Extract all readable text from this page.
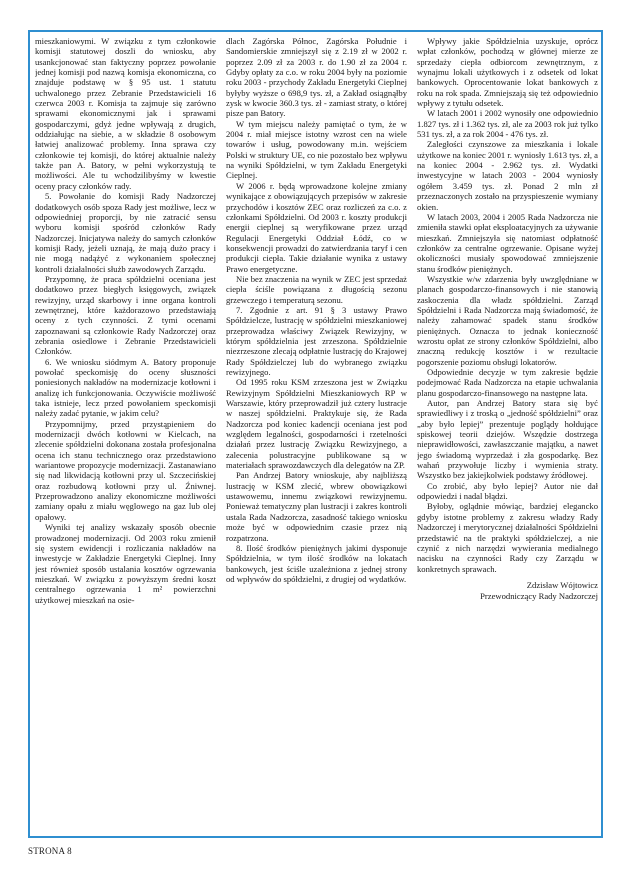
mieszkaniowymi. W związku z tym członkowie komisji statutowej doszli do wniosku, aby usankcjonować stan faktyczny poprzez powołanie jednej komisji pod nazwą komisja ekonomiczna, co znajduje podstawę w § 95 ust. 1 statutu uchwalonego przez Zebranie Przedstawicieli 16 czerwca 2003 r. Komisja ta zajmuje się zarówno sprawami ekonomicznymi jak i sprawami gospodarczymi, gdyż jedne wpływają z drugich, oddziałując na siebie, a w składzie 8 osobowym łatwiej analizować problemy. Inna sprawa czy członkowie tej komisji, do której aktualnie należy także pan A. Batory, w pełni wykorzystują te możliwości. Ale tu wchodzilibyśmy w kwestie oceny pracy członków rady.

5. Powołanie do komisji Rady Nadzorczej dodatkowych osób spoza Rady jest możliwe, lecz w odpowiedniej proporcji, by nie zatracić sensu wyboru komisji spośród członków Rady Nadzorczej. Inicjatywa należy do samych członków komisji Rady, jeżeli uznają, że mają dużo pracy i nie mogą nadążyć z wykonaniem społecznej kontroli działalności służb zawodowych Zarządu.

Przypomnę, że praca spółdzielni oceniana jest dodatkowo przez biegłych księgowych, związek rewizyjny, urząd skarbowy i inne organa kontroli zewnętrznej, które każdorazowo przedstawiają oceny z tych czynności. Z tymi ocenami zapoznawani są członkowie Rady Nadzorczej oraz zebrania osiedlowe i Zebranie Przedstawicieli Członków.

6. We wniosku siódmym A. Batory proponuje powołać speckomisję do oceny słuszności poniesionych nakładów na modernizacje kotłowni i analizę ich funkcjonowania. Oczywiście możliwość taka istnieje, lecz przed powołaniem speckomisji należy zadać pytanie, w jakim celu?

Przypomnijmy, przed przystąpieniem do modernizacji dwóch kotłowni w Kielcach, na zlecenie spółdzielni dokonana została profesjonalna ocena ich stanu technicznego oraz przedstawiono wariantowe propozycje modernizacji. Zastanawiano się nad likwidacją kotłowni przy ul. Szczecińskiej oraz rozbudową kotłowni przy ul. Źniwnej. Przeprowadzono analizy ekonomiczne możliwości zamiany opału z miału węglowego na gaz lub olej opałowy.

Wyniki tej analizy wskazały sposób obecnie prowadzonej modernizacji. Od 2003 roku zmienił się system ewidencji i rozliczania nakładów na inwestycje w Zakładzie Energetyki Cieplnej. Inny jest również sposób ustalania kosztów ogrzewania mieszkań. W związku z powyższym średni koszt centralnego ogrzewania 1 m² powierzchni użytkowej mieszkań na osie-

dlach Zagórska Północ, Zagórska Południe i Sandomierskie zmniejszył się z 2.19 zł w 2002 r. poprzez 2.09 zł za 2003 r. do 1.90 zł za 2004 r. Gdyby opłaty za c.o. w roku 2004 były na poziomie roku 2003 - przychody Zakładu Energetyki Cieplnej byłyby wyższe o 698,9 tys. zł, a Zakład osiągnąłby zysk w kwocie 360.3 tys. zł - zamiast straty, o której pisze pan Batory.

W tym miejscu należy pamiętać o tym, że w 2004 r. miał miejsce istotny wzrost cen na wiele towarów i usług, powodowany m.in. wejściem Polski w struktury UE, co nie pozostało bez wpływu na wyniki Spółdzielni, w tym Zakładu Energetyki Cieplnej.

W 2006 r. będą wprowadzone kolejne zmiany wynikające z obowiązujących przepisów w zakresie przychodów i kosztów ZEC oraz rozliczeń za c.o. z członkami Spółdzielni. Od 2003 r. koszty produkcji energii cieplnej są weryfikowane przez urząd Regulacji Energetyki Oddział Łódź, co w konsekwencji prowadzi do zatwierdzania taryf i cen produkcji ciepła. Takie działanie wynika z ustawy Prawo energetyczne.

Nie bez znaczenia na wynik w ZEC jest sprzedaż ciepła ściśle powiązana z długością sezonu grzewczego i temperaturą sezonu.

7. Zgodnie z art. 91 § 3 ustawy Prawo Spółdzielcze, lustrację w spółdzielni mieszkaniowej przeprowadza właściwy Związek Rewizyjny, w którym spółdzielnia jest zrzeszona. Spółdzielnie niezrzeszone zlecają odpłatnie lustrację do Krajowej Rady Spółdzielczej lub do wybranego związku rewizyjnego.

Od 1995 roku KSM zrzeszona jest w Związku Rewizyjnym Spółdzielni Mieszkaniowych RP w Warszawie, który przeprowadził już cztery lustracje w naszej spółdzielni. Praktykuje się, że Rada Nadzorcza pod koniec kadencji oceniana jest pod względem legalności, gospodarności i rzetelności działań przez lustrację Związku Rewizyjnego, a zalecenia polustracyjne publikowane są w materiałach sprawozdawczych dla delegatów na ZP.

Pan Andrzej Batory wnioskuje, aby najbliższą lustrację w KSM zlecić, wbrew obowiązkowi ustawowemu, innemu związkowi rewizyjnemu. Ponieważ tematyczny plan lustracji i zakres kontroli ustala Rada Nadzorcza, zasadność takiego wniosku może być w odpowiednim czasie przez nią rozpatrzona.

8. Ilość środków pieniężnych jakimi dysponuje Spółdzielnia, w tym ilość środków na lokatach bankowych, jest ściśle uzależniona z jednej strony od wpływów do spółdzielni, z drugiej od wydatków.

Wpływy jakie Spółdzielnia uzyskuje, oprócz wpłat członków, pochodzą w głównej mierze ze sprzedaży ciepła odbiorcom zewnętrznym, z wynajmu lokali użytkowych i z odsetek od lokat bankowych. Oprocentowanie lokat bankowych z roku na rok spada. Zmniejszają się też odpowiednio wpływy z tytułu odsetek.

W latach 2001 i 2002 wynosiły one odpowiednio 1.827 tys. zł i 1.362 tys. zł, ale za 2003 rok już tylko 531 tys. zł, a za rok 2004 - 476 tys. zł.

Zaległości czynszowe za mieszkania i lokale użytkowe na koniec 2001 r. wyniosły 1.613 tys. zł, a na koniec 2004 - 2.962 tys. zł. Wydatki inwestycyjne w latach 2003 - 2004 wyniosły ogółem 3.459 tys. zł. Ponad 2 mln zł przeznaczonych zostało na przyspieszenie wymiany okien.

W latach 2003, 2004 i 2005 Rada Nadzorcza nie zmieniła stawki opłat eksploatacyjnych za używanie mieszkań. Zmniejszyła się natomiast odpłatność członków za centralne ogrzewanie. Opisane wyżej okoliczności musiały spowodować zmniejszenie stanu środków pieniężnych.

Wszystkie w/w zdarzenia były uwzględniane w planach gospodarczo-finansowych i nie stanowią zaskoczenia dla władz spółdzielni. Zarząd Spółdzielni i Rada Nadzorcza mają świadomość, że należy zahamować spadek stanu środków pieniężnych. Oznacza to jednak konieczność wzrostu opłat ze strony członków Spółdzielni, albo znaczną redukcję kosztów i w rezultacie pogorszenie poziomu obsługi lokatorów.

Odpowiednie decyzje w tym zakresie będzie podejmować Rada Nadzorcza na etapie uchwalania planu gospodarczo-finansowego na następne lata.

Autor, pan Andrzej Batory stara się być sprawiedliwy i z troską o „jedność spółdzielni” oraz „aby było lepiej” prezentuje poglądy hołdujące spiskowej teorii dziejów. Wszędzie dostrzega nieprawidłowości, zawłaszczanie majątku, a nawet jego świadomą wyprzedaż i zła gospodarkę. Bez wahań przywołuje liczby i wymienia straty. Wszystko bez jakiejkolwiek podstawy źródłowej.

Co zrobić, aby było lepiej? Autor nie dał odpowiedzi i nadal błądzi.

Byłoby, oglądnie mówiąc, bardziej elegancko gdyby istotne problemy z zakresu władzy Rady Nadzorczej i merytorycznej działalności Spółdzielni przedstawić na tle praktyki spółdzielczej, a nie czynić z nich narzędzi wywierania medialnego nacisku na czynności Rady czy Zarządu w konkretnych sprawach.

Zdzisław Wójtowicz
Przewodniczący Rady Nadzorczej
STRONA 8
